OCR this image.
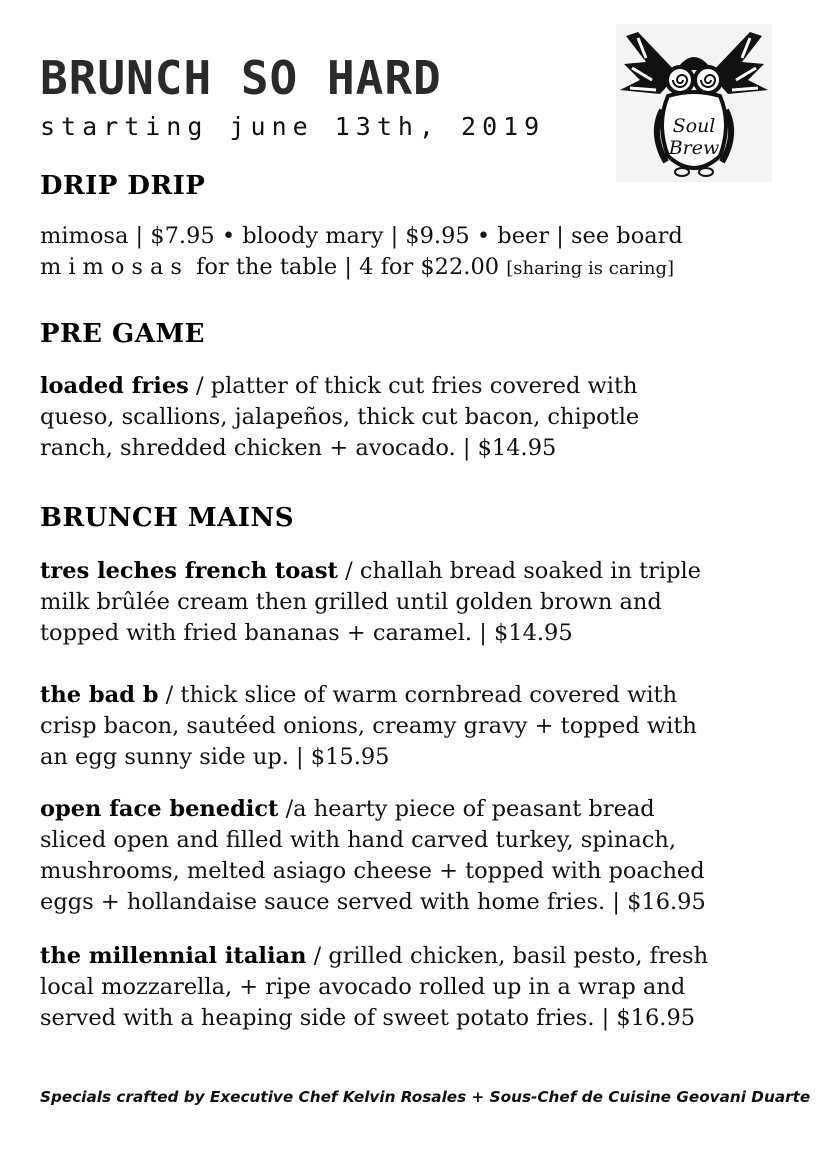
BRUNCH SO HARD
starting june 13th, 2019	Soul
Brew
DRIP DRIP
mimosa | $7.95 • bloody mary | $9.95 • beer | see board
mimosas for the table | 4 for $22.00 [sharing is caring]
PRE GAME
loaded fries / platter of thick cut fries covered with
queso, scallions, jalapeños, thick cut bacon, chipotle
ranch, shredded chicken + avocado. | $14.95
BRUNCH MAINS
tres leches french toast / challah bread soaked in triple
milk brûlée cream then grilled until golden brown and
topped with fried bananas + caramel. | $14.95
the bad b / thick slice of warm cornbread covered with
crisp bacon, sautéed onions, creamy gravy + topped with
an egg sunny side up. | $15.95
open face benedict /a hearty piece of peasant bread
sliced open and filled with hand carved turkey, spinach,
mushrooms, melted asiago cheese + topped with poached
eggs + hollandaise sauce served with home fries. | $16.95
the millennial italian / grilled chicken, basil pesto, fresh
local mozzarella, + ripe avocado rolled up in a wrap and
served with a heaping side of sweet potato fries. | $16.95
Specials crafted by Executive Chef Kelvin Rosales + Sous-Chef de Cuisine Geovani Duarte
